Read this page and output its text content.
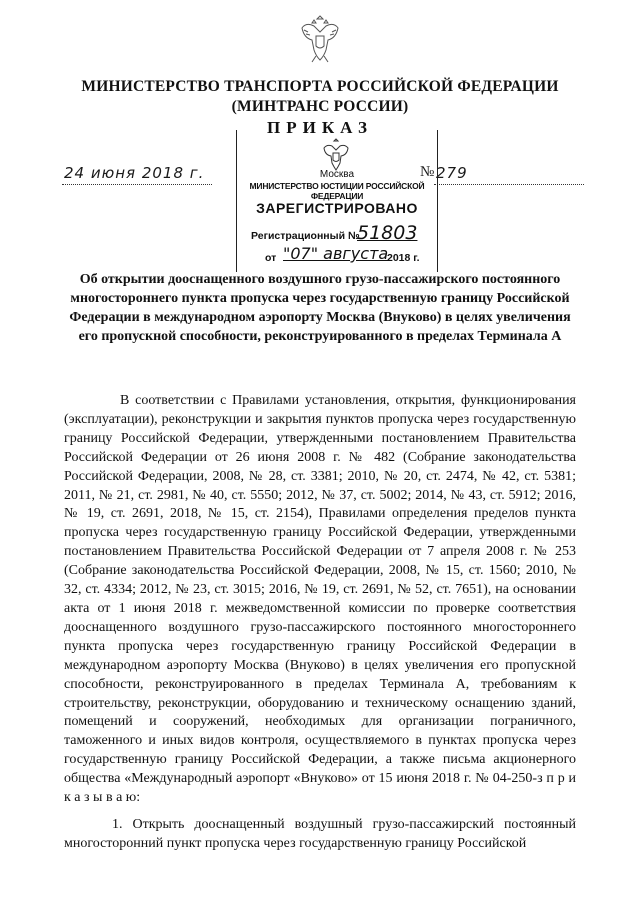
МИНИСТЕРСТВО ТРАНСПОРТА РОССИЙСКОЙ ФЕДЕРАЦИИ
(МИНТРАНС РОССИИ)
ПРИКАЗ
24 июня 2018 г.	№ 279
Москва
МИНИСТЕРСТВО ЮСТИЦИИ РОССИЙСКОЙ ФЕДЕРАЦИИ
ЗАРЕГИСТРИРОВАНО
Регистрационный №
51803
от "07" августа
2018 г.
Об открытии дооснащенного воздушного грузо-пассажирского постоянного многостороннего пункта пропуска через государственную границу Российской Федерации в международном аэропорту Москва (Внуково) в целях увеличения его пропускной способности, реконструированного в пределах Терминала А

В соответствии с Правилами установления, открытия, функционирования (эксплуатации), реконструкции и закрытия пунктов пропуска через государственную границу Российской Федерации, утвержденными постановлением Правительства Российской Федерации от 26 июня 2008 г. № 482 (Собрание законодательства Российской Федерации, 2008, № 28, ст. 3381; 2010, № 20, ст. 2474, № 42, ст. 5381; 2011, № 21, ст. 2981, № 40, ст. 5550; 2012, № 37, ст. 5002; 2014, № 43, ст. 5912; 2016, № 19, ст. 2691, 2018, № 15, ст. 2154), Правилами определения пределов пункта пропуска через государственную границу Российской Федерации, утвержденными постановлением Правительства Российской Федерации от 7 апреля 2008 г. № 253 (Собрание законодательства Российской Федерации, 2008, № 15, ст. 1560; 2010, № 32, ст. 4334; 2012, № 23, ст. 3015; 2016, № 19, ст. 2691, № 52, ст. 7651), на основании акта от 1 июня 2018 г. межведомственной комиссии по проверке соответствия дооснащенного воздушного грузо-пассажирского постоянного многостороннего пункта пропуска через государственную границу Российской Федерации в международном аэропорту Москва (Внуково) в целях увеличения его пропускной способности, реконструированного в пределах Терминала А, требованиям к строительству, реконструкции, оборудованию и техническому оснащению зданий, помещений и сооружений, необходимых для организации пограничного, таможенного и иных видов контроля, осуществляемого в пунктах пропуска через государственную границу Российской Федерации, а также письма акционерного общества «Международный аэропорт «Внуково» от 15 июня 2018 г. № 04-250-з п р и к а з ы в а ю:

1. Открыть дооснащенный воздушный грузо-пассажирский постоянный многосторонний пункт пропуска через государственную границу Российской
